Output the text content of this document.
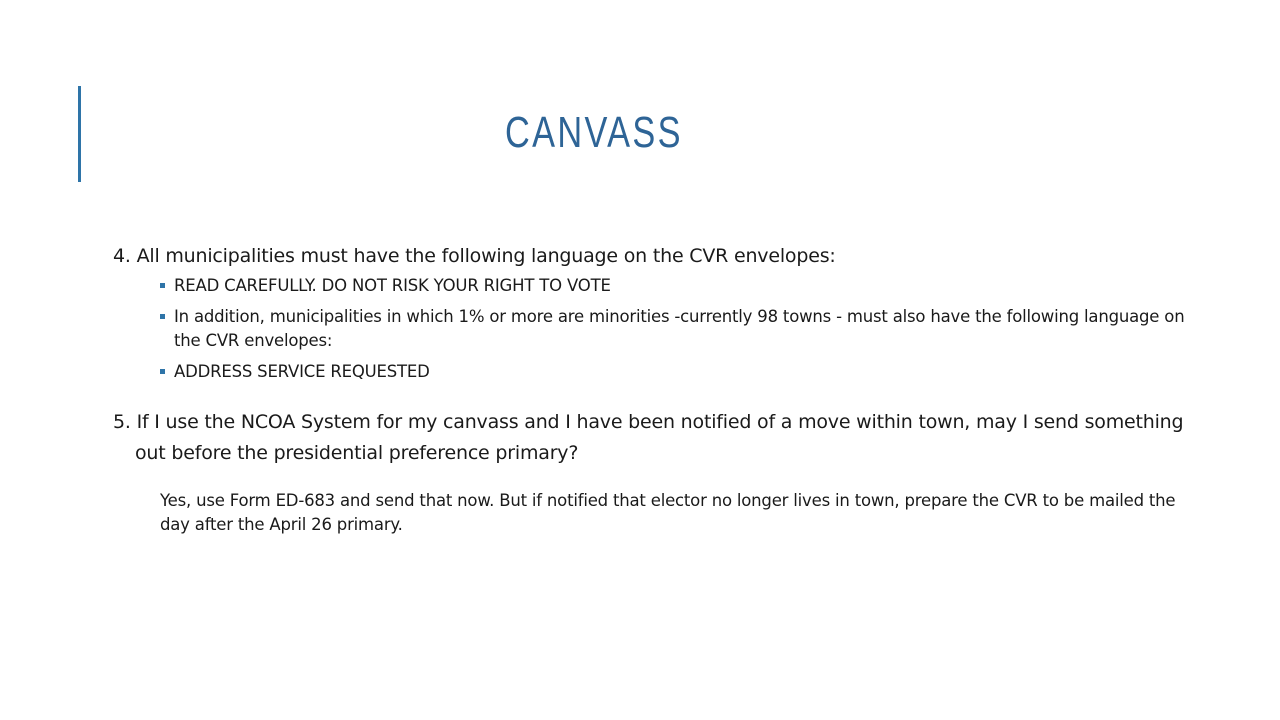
CANVASS

4. All municipalities must have the following language on the CVR envelopes:

READ CAREFULLY. DO NOT RISK YOUR RIGHT TO VOTE
In addition, municipalities in which 1% or more are minorities -currently 98 towns - must also have the following language on the CVR envelopes:
ADDRESS SERVICE REQUESTED

5. If I use the NCOA System for my canvass and I have been notified of a move within town, may I send something out before the presidential preference primary?

Yes, use Form ED-683 and send that now. But if notified that elector no longer lives in town, prepare the CVR to be mailed the day after the April 26 primary.
